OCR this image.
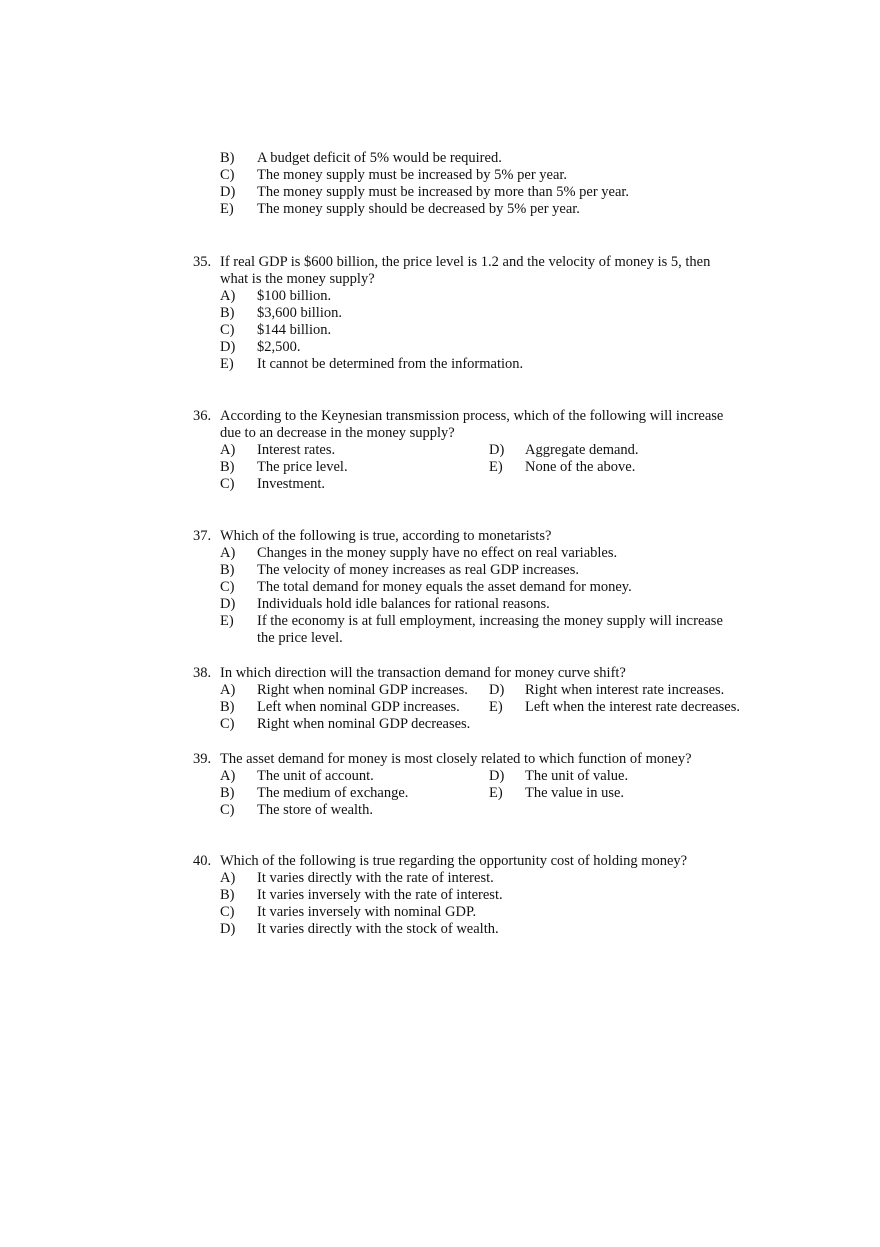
B) A budget deficit of 5% would be required.
C) The money supply must be increased by 5% per year.
D) The money supply must be increased by more than 5% per year.
E) The money supply should be decreased by 5% per year.
35. If real GDP is $600 billion, the price level is 1.2 and the velocity of money is 5, then
what is the money supply?
A) $100 billion.
B) $3,600 billion.
C) $144 billion.
D) $2,500.
E) It cannot be determined from the information.
36. According to the Keynesian transmission process, which of the following will increase
due to an decrease in the money supply?
A) Interest rates.
B) The price level.
C) Investment.
D) Aggregate demand.
E) None of the above.
37. Which of the following is true, according to monetarists?
A) Changes in the money supply have no effect on real variables.
B) The velocity of money increases as real GDP increases.
C) The total demand for money equals the asset demand for money.
D) Individuals hold idle balances for rational reasons.
E) If the economy is at full employment, increasing the money supply will increase
the price level.
38. In which direction will the transaction demand for money curve shift?
A) Right when nominal GDP increases.
B) Left when nominal GDP increases.
C) Right when nominal GDP decreases.
D) Right when interest rate increases.
E) Left when the interest rate decreases.
39. The asset demand for money is most closely related to which function of money?
A) The unit of account.
B) The medium of exchange.
C) The store of wealth.
D) The unit of value.
E) The value in use.
40. Which of the following is true regarding the opportunity cost of holding money?
A) It varies directly with the rate of interest.
B) It varies inversely with the rate of interest.
C) It varies inversely with nominal GDP.
D) It varies directly with the stock of wealth.
